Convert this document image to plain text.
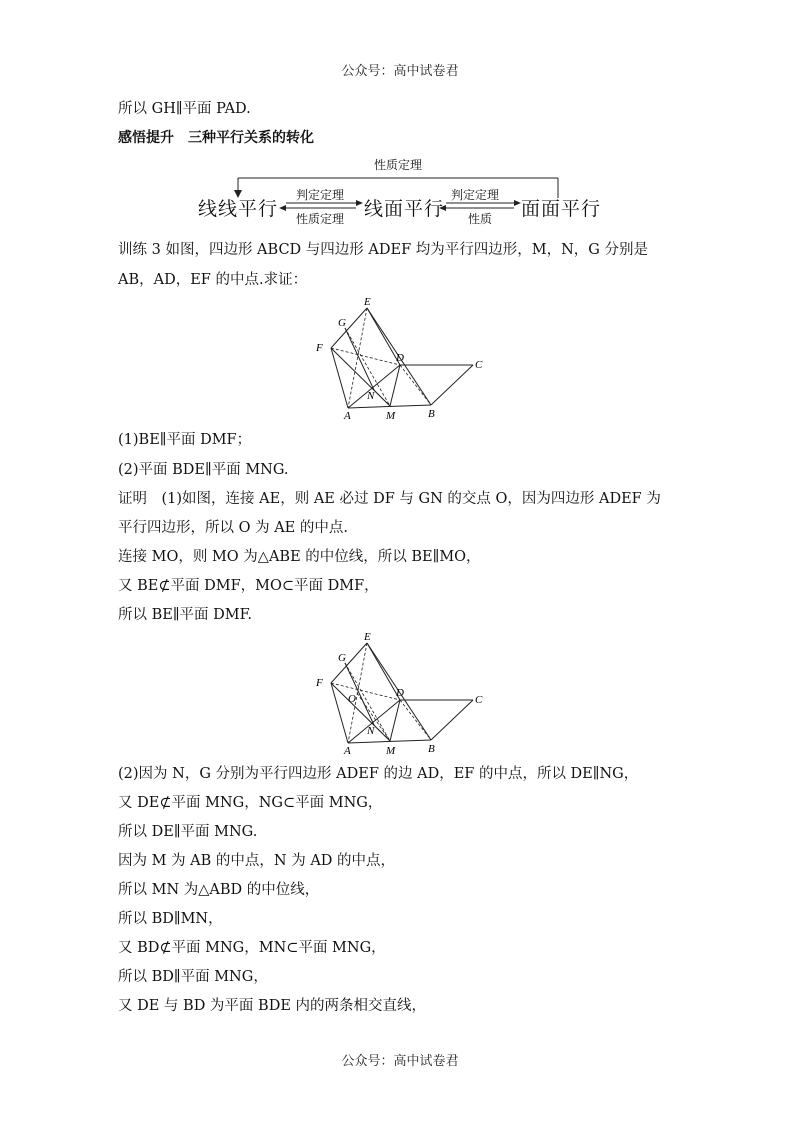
公众号：高中试卷君
所以 GH∥平面 PAD.
感悟提升　三种平行关系的转化
性质定理
线线平行	线面平行	面面平行
判定定理
性质定理
判定定理
性质
训练 3 如图，四边形 ABCD 与四边形 ADEF 均为平行四边形，M，N，G 分别是
AB，AD，EF 的中点.求证：
E
G
F
D
C
N
A	M	B
(1)BE∥平面 DMF；
(2)平面 BDE∥平面 MNG.
证明　(1)如图，连接 AE，则 AE 必过 DF 与 GN 的交点 O，因为四边形 ADEF 为
平行四边形，所以 O 为 AE 的中点.
连接 MO，则 MO 为△ABE 的中位线，所以 BE∥MO，
又 BE⊄平面 DMF，MO⊂平面 DMF，
所以 BE∥平面 DMF.
E
G
F
O	D
C
N
A	M	B
(2)因为 N，G 分别为平行四边形 ADEF 的边 AD，EF 的中点，所以 DE∥NG，
又 DE⊄平面 MNG，NG⊂平面 MNG，
所以 DE∥平面 MNG.
因为 M 为 AB 的中点，N 为 AD 的中点，
所以 MN 为△ABD 的中位线，
所以 BD∥MN，
又 BD⊄平面 MNG，MN⊂平面 MNG，
所以 BD∥平面 MNG，
又 DE 与 BD 为平面 BDE 内的两条相交直线，
公众号：高中试卷君
